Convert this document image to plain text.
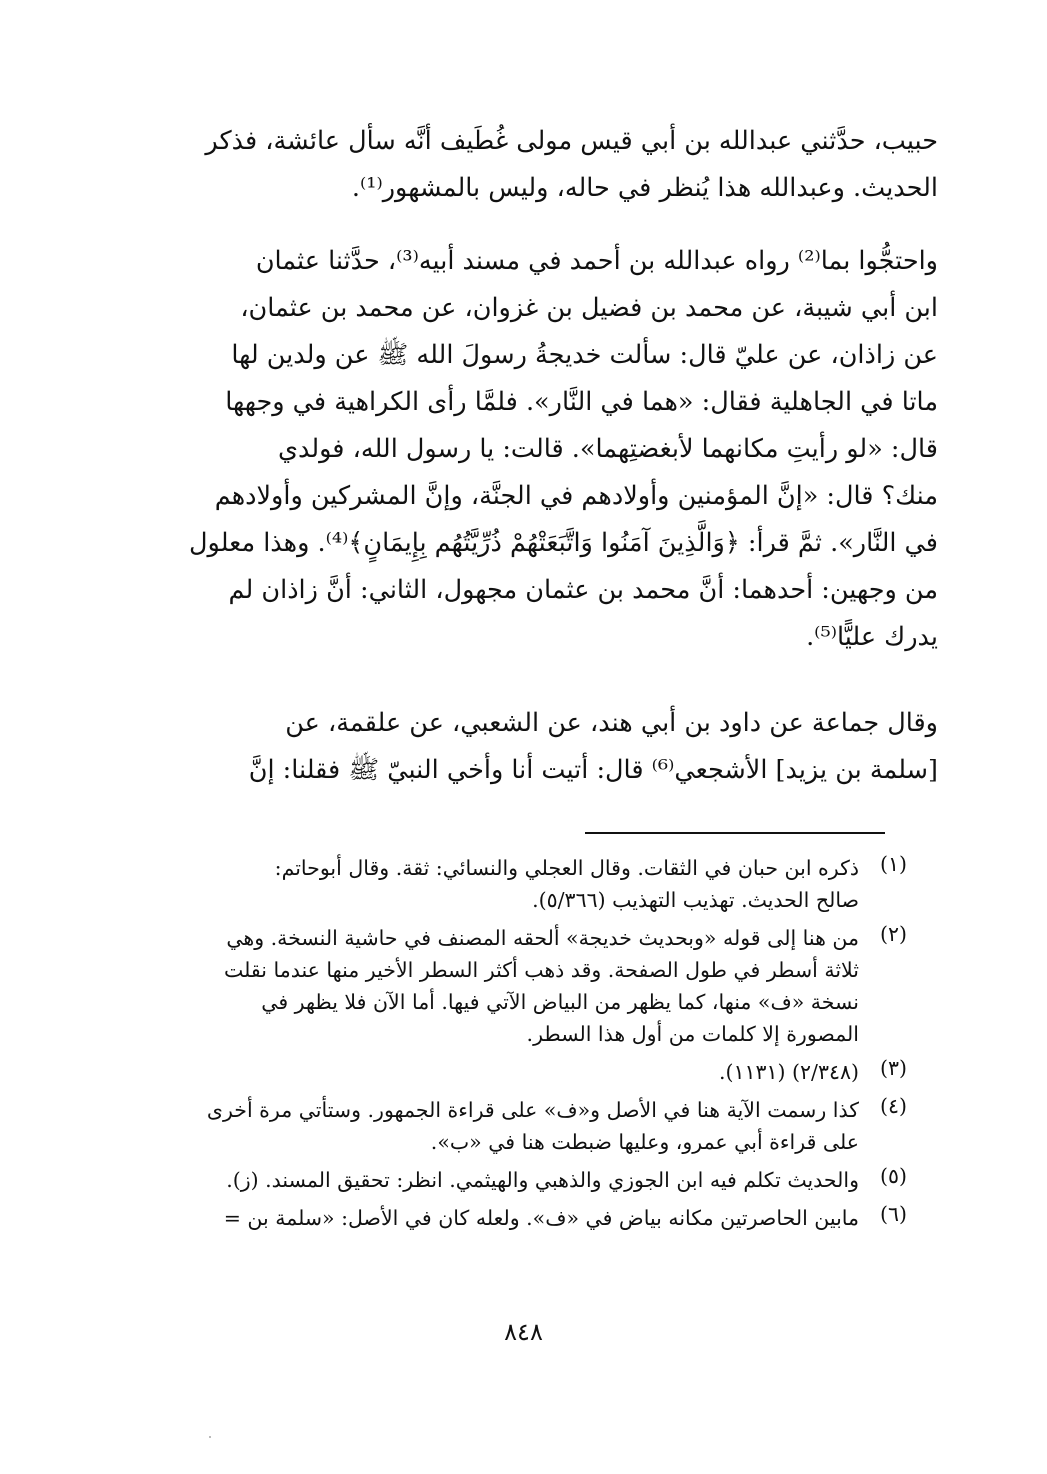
حبيب، حدَّثني عبدالله بن أبي قيس مولى غُطَيف أنَّه سأل عائشة، فذكر
الحديث. وعبدالله هذا يُنظر في حاله، وليس بالمشهور⁽¹⁾.
واحتجُّوا بما⁽²⁾ رواه عبدالله بن أحمد في مسند أبيه⁽³⁾، حدَّثنا عثمان
ابن أبي شيبة، عن محمد بن فضيل بن غزوان، عن محمد بن عثمان،
عن زاذان، عن عليّ قال: سألت خديجةُ رسولَ الله ﷺ عن ولدين لها
ماتا في الجاهلية فقال: «هما في النَّار». فلمَّا رأى الكراهية في وجهها
قال: «لو رأيتِ مكانهما لأبغضتِهما». قالت: يا رسول الله، فولدي
منك؟ قال: «إنَّ المؤمنين وأولادهم في الجنَّة، وإنَّ المشركين وأولادهم
في النَّار». ثمَّ قرأ: ﴿وَالَّذِينَ آمَنُوا وَاتَّبَعَتْهُمْ ذُرِّيَّتُهُم بِإِيمَانٍ﴾⁽⁴⁾. وهذا معلول
من وجهين: أحدهما: أنَّ محمد بن عثمان مجهول، الثاني: أنَّ زاذان لم
يدرك عليًّا⁽⁵⁾.
وقال جماعة عن داود بن أبي هند، عن الشعبي، عن علقمة، عن
[سلمة بن يزيد] الأشجعي⁽⁶⁾ قال: أتيت أنا وأخي النبيّ ﷺ فقلنا: إنَّ
(١)
ذكره ابن حبان في الثقات. وقال العجلي والنسائي: ثقة. وقال أبوحاتم:
صالح الحديث. تهذيب التهذيب (٥/٣٦٦).
(٢)
من هنا إلى قوله «وبحديث خديجة» ألحقه المصنف في حاشية النسخة. وهي
ثلاثة أسطر في طول الصفحة. وقد ذهب أكثر السطر الأخير منها عندما نقلت
نسخة «ف» منها، كما يظهر من البياض الآتي فيها. أما الآن فلا يظهر في
المصورة إلا كلمات من أول هذا السطر.
(٣)
(٢/٣٤٨) (١١٣١).
(٤)
كذا رسمت الآية هنا في الأصل و«ف» على قراءة الجمهور. وستأتي مرة أخرى
على قراءة أبي عمرو، وعليها ضبطت هنا في «ب».
(٥)
والحديث تكلم فيه ابن الجوزي والذهبي والهيثمي. انظر: تحقيق المسند. (ز).
(٦)
مابين الحاصرتين مكانه بياض في «ف». ولعله كان في الأصل: «سلمة بن =
٨٤٨
